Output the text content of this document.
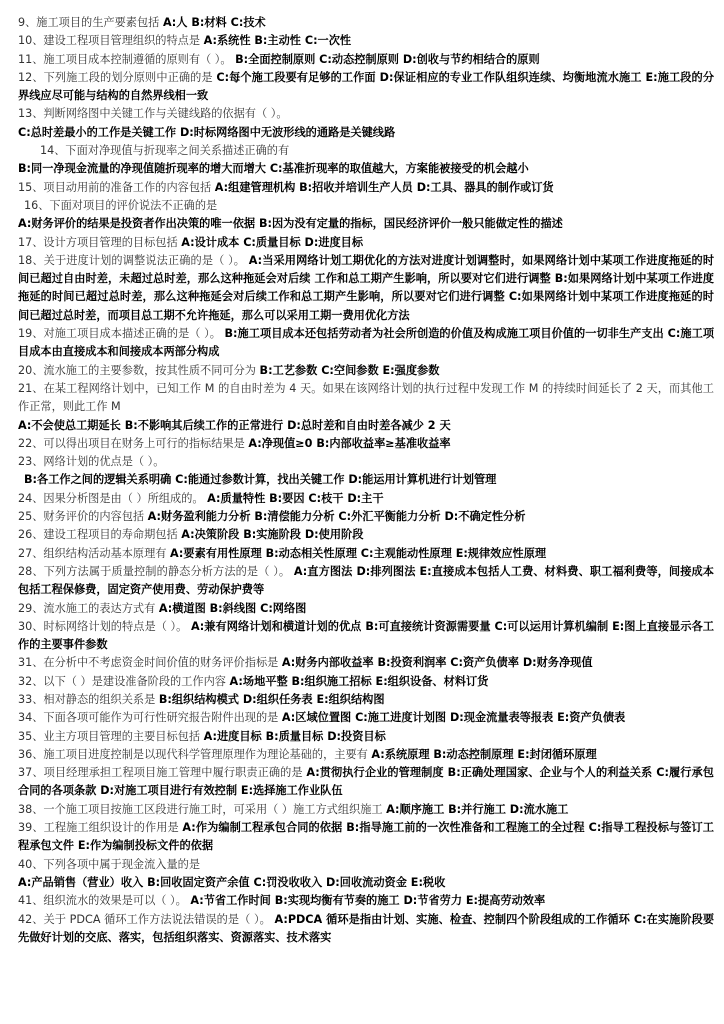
9、施工项目的生产要素包括 A:人 B:材料 C:技术

10、建设工程项目管理组织的特点是 A:系统性 B:主动性 C:一次性

11、施工项目成本控制遵循的原则有（ ）。 B:全面控制原则 C:动态控制原则 D:创收与节约相结合的原则

12、下列施工段的划分原则中正确的是 C:每个施工段要有足够的工作面 D:保证相应的专业工作队组织连续、均衡地流水施工 E:施工段的分界线应尽可能与结构的自然界线相一致

13、判断网络图中关键工作与关键线路的依据有（ ）。

C:总时差最小的工作是关键工作 D:时标网络图中无波形线的通路是关键线路

14、下面对净现值与折现率之间关系描述正确的有

B:同一净现金流量的净现值随折现率的增大而增大 C:基准折现率的取值越大，方案能被接受的机会越小

15、项目动用前的准备工作的内容包括 A:组建管理机构 B:招收并培训生产人员 D:工具、器具的制作或订货

16、下面对项目的评价说法不正确的是

A:财务评价的结果是投资者作出决策的唯一依据 B:因为没有定量的指标，国民经济评价一般只能做定性的描述

17、设计方项目管理的目标包括 A:设计成本 C:质量目标 D:进度目标

18、关于进度计划的调整说法正确的是（ ）。 A:当采用网络计划工期优化的方法对进度计划调整时，如果网络计划中某项工作进度拖延的时间已超过自由时差，未超过总时差，那么这种拖延会对后续 工作和总工期产生影响，所以要对它们进行调整 B:如果网络计划中某项工作进度拖延的时间已超过总时差，那么这种拖延会对后续工作和总工期产生影响，所以要对它们进行调整 C:如果网络计划中某项工作进度拖延的时间已超过总时差，而项目总工期不允许拖延，那么可以采用工期一费用优化方法

19、对施工项目成本描述正确的是（ ）。 B:施工项目成本还包括劳动者为社会所创造的价值及构成施工项目价值的一切非生产支出 C:施工项目成本由直接成本和间接成本两部分构成

20、流水施工的主要参数，按其性质不同可分为 B:工艺参数 C:空间参数 E:强度参数

21、在某工程网络计划中，已知工作 M 的自由时差为 4 天。如果在该网络计划的执行过程中发现工作 M 的持续时间延长了 2 天，而其他工作正常，则此工作 M

A:不会使总工期延长 B:不影响其后续工作的正常进行 D:总时差和自由时差各减少 2 天

22、可以得出项目在财务上可行的指标结果是 A:净现值≥0 B:内部收益率≥基准收益率

23、网络计划的优点是（ ）。

B:各工作之间的逻辑关系明确 C:能通过参数计算，找出关键工作 D:能运用计算机进行计划管理

24、因果分析图是由（ ）所组成的。 A:质量特性 B:要因 C:枝干 D:主干

25、财务评价的内容包括 A:财务盈利能力分析 B:清偿能力分析 C:外汇平衡能力分析 D:不确定性分析

26、建设工程项目的寿命期包括 A:决策阶段 B:实施阶段 D:使用阶段

27、组织结构活动基本原理有 A:要素有用性原理 B:动态相关性原理 C:主观能动性原理 E:规律效应性原理

28、下列方法属于质量控制的静态分析方法的是（ ）。 A:直方图法 D:排列图法 E:直接成本包括人工费、材料费、职工福利费等，间接成本包括工程保修费，固定资产使用费、劳动保护费等

29、流水施工的表达方式有 A:横道图 B:斜线图 C:网络图

30、时标网络计划的特点是（ ）。 A:兼有网络计划和横道计划的优点 B:可直接统计资源需要量 C:可以运用计算机编制 E:图上直接显示各工作的主要事件参数

31、在分析中不考虑资金时间价值的财务评价指标是 A:财务内部收益率 B:投资利润率 C:资产负债率 D:财务净现值

32、以下（ ）是建设准备阶段的工作内容 A:场地平整 B:组织施工招标 E:组织设备、材料订货

33、相对静态的组织关系是 B:组织结构模式 D:组织任务表 E:组织结构图

34、下面各项可能作为可行性研究报告附件出现的是 A:区域位置图 C:施工进度计划图 D:现金流量表等报表 E:资产负债表

35、业主方项目管理的主要目标包括 A:进度目标 B:质量目标 D:投资目标

36、施工项目进度控制是以现代科学管理原理作为理论基础的，主要有 A:系统原理 B:动态控制原理 E:封闭循环原理

37、项目经理承担工程项目施工管理中履行职责正确的是 A:贯彻执行企业的管理制度 B:正确处理国家、企业与个人的利益关系 C:履行承包合同的各项条款 D:对施工项目进行有效控制 E:选择施工作业队伍

38、一个施工项目按施工区段进行施工时，可采用（ ）施工方式组织施工 A:顺序施工 B:并行施工 D:流水施工

39、工程施工组织设计的作用是 A:作为编制工程承包合同的依据 B:指导施工前的一次性准备和工程施工的全过程 C:指导工程投标与签订工程承包文件 E:作为编制投标文件的依据

40、下列各项中属于现金流入量的是

A:产品销售（营业）收入 B:回收固定资产余值 C:罚没收收入 D:回收流动资金 E:税收

41、组织流水的效果是可以（ ）。 A:节省工作时间 B:实现均衡有节奏的施工 D:节省劳力 E:提高劳动效率

42、关于 PDCA 循环工作方法说法错误的是（ ）。 A:PDCA 循环是指由计划、实施、检查、控制四个阶段组成的工作循环 C:在实施阶段要先做好计划的交底、落实，包括组织落实、资源落实、技术落实
